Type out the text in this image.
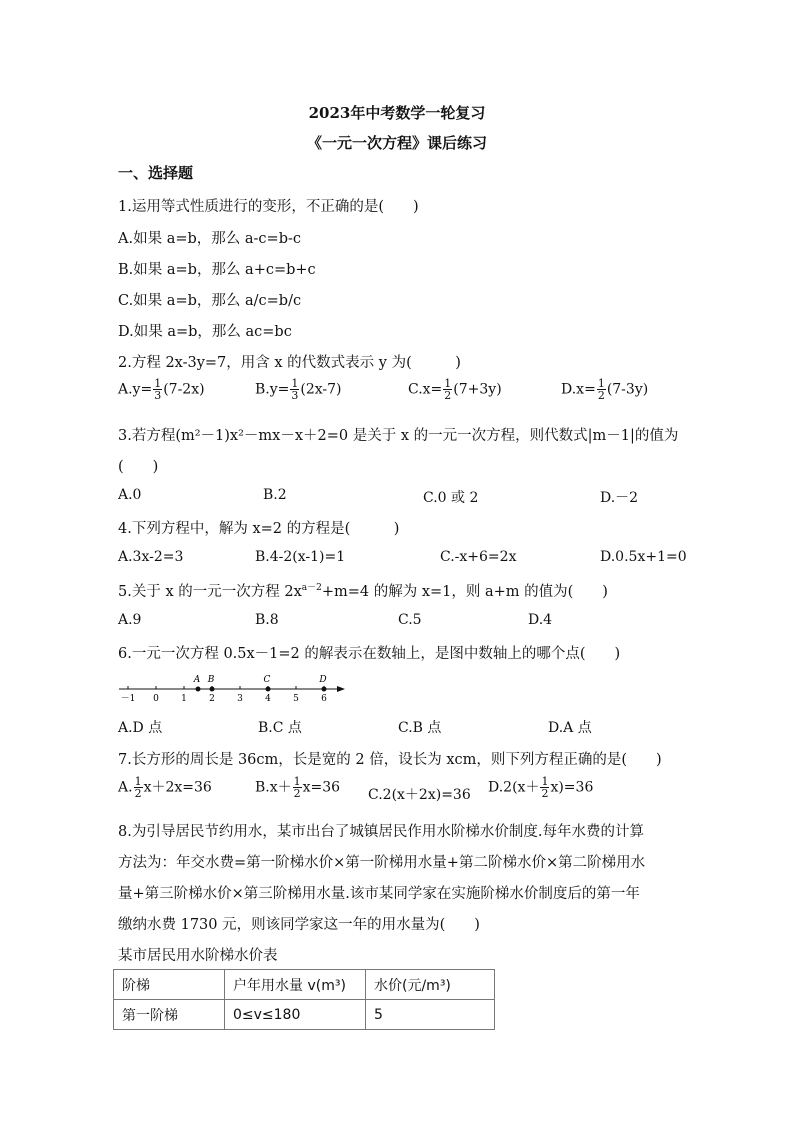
2023年中考数学一轮复习
《一元一次方程》课后练习
一、选择题
1.运用等式性质进行的变形，不正确的是(　　)
A.如果 a=b，那么 a-c=b-c
B.如果 a=b，那么 a+c=b+c
C.如果 a=b，那么 a/c=b/c
D.如果 a=b，那么 ac=bc
2.方程 2x-3y=7，用含 x 的代数式表示 y 为(　　　)
$A.y= \frac{1}{3} (7-2x)$	$B.y= \frac{1}{3} (2x-7)$	$C.x= \frac{1}{2} (7+3y)$	$D.x= \frac{1}{2} (7-3y)$
3.若方程(m²－1)x²－mx－x＋2=0 是关于 x 的一元一次方程，则代数式|m－1|的值为
(　　)
A.0	B.2	C.0 或 2	D.－2
4.下列方程中，解为 x=2 的方程是(　　　)
A.3x-2=3	B.4-2(x-1)=1	C.-x+6=2x	D.0.5x+1=0
5.关于 x 的一元一次方程 $2x^{a-2}+m=4$ 的解为 x=1，则 a+m 的值为(　　)
A.9	B.8	C.5	D.4
6.一元一次方程 0.5x－1=2 的解表示在数轴上，是图中数轴上的哪个点(　　)
－1 0 1 2 3 4 5 6
A B	C	D
A.D 点	B.C 点	C.B 点	D.A 点
7.长方形的周长是 36cm，长是宽的 2 倍，设长为 xcm，则下列方程正确的是(　　)
A. $\frac{1}{2} x+2x=36$	$B.x+ \frac{1}{2} x=36$ C.2(x＋2x)=36 $D.2(x+ \frac{1}{2} x)=36$
8.为引导居民节约用水，某市出台了城镇居民作用水阶梯水价制度.每年水费的计算
方法为：年交水费=第一阶梯水价×第一阶梯用水量+第二阶梯水价×第二阶梯用水
量+第三阶梯水价×第三阶梯用水量.该市某同学家在实施阶梯水价制度后的第一年
缴纳水费 1730 元，则该同学家这一年的用水量为(　　)
某市居民用水阶梯水价表
阶梯	户年用水量 v(m³)	水价(元/m³)
第一阶梯	0≤v≤180	5
